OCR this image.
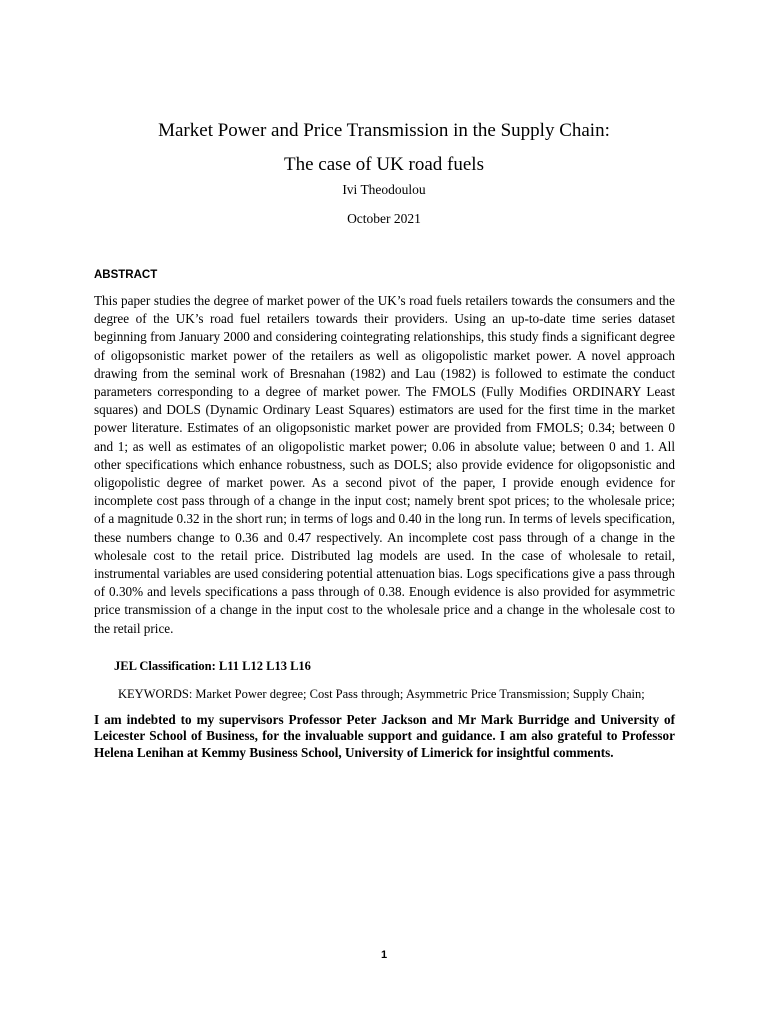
Market Power and Price Transmission in the Supply Chain:
The case of UK road fuels
Ivi Theodoulou
October 2021
ABSTRACT

This paper studies the degree of market power of the UK’s road fuels retailers towards the consumers and the degree of the UK’s road fuel retailers towards their providers. Using an up-to-date time series dataset beginning from January 2000 and considering cointegrating relationships, this study finds a significant degree of oligopsonistic market power of the retailers as well as oligopolistic market power. A novel approach drawing from the seminal work of Bresnahan (1982) and Lau (1982) is followed to estimate the conduct parameters corresponding to a degree of market power. The FMOLS (Fully Modifies ORDINARY Least squares) and DOLS (Dynamic Ordinary Least Squares) estimators are used for the first time in the market power literature. Estimates of an oligopsonistic market power are provided from FMOLS; 0.34; between 0 and 1; as well as estimates of an oligopolistic market power; 0.06 in absolute value; between 0 and 1. All other specifications which enhance robustness, such as DOLS; also provide evidence for oligopsonistic and oligopolistic degree of market power. As a second pivot of the paper, I provide enough evidence for incomplete cost pass through of a change in the input cost; namely brent spot prices; to the wholesale price; of a magnitude 0.32 in the short run; in terms of logs and 0.40 in the long run. In terms of levels specification, these numbers change to 0.36 and 0.47 respectively. An incomplete cost pass through of a change in the wholesale cost to the retail price. Distributed lag models are used. In the case of wholesale to retail, instrumental variables are used considering potential attenuation bias. Logs specifications give a pass through of 0.30% and levels specifications a pass through of 0.38. Enough evidence is also provided for asymmetric price transmission of a change in the input cost to the wholesale price and a change in the wholesale cost to the retail price.

JEL Classification: L11 L12 L13 L16

KEYWORDS: Market Power degree; Cost Pass through; Asymmetric Price Transmission; Supply Chain;

I am indebted to my supervisors Professor Peter Jackson and Mr Mark Burridge and University of Leicester School of Business, for the invaluable support and guidance. I am also grateful to Professor Helena Lenihan at Kemmy Business School, University of Limerick for insightful comments.

1
